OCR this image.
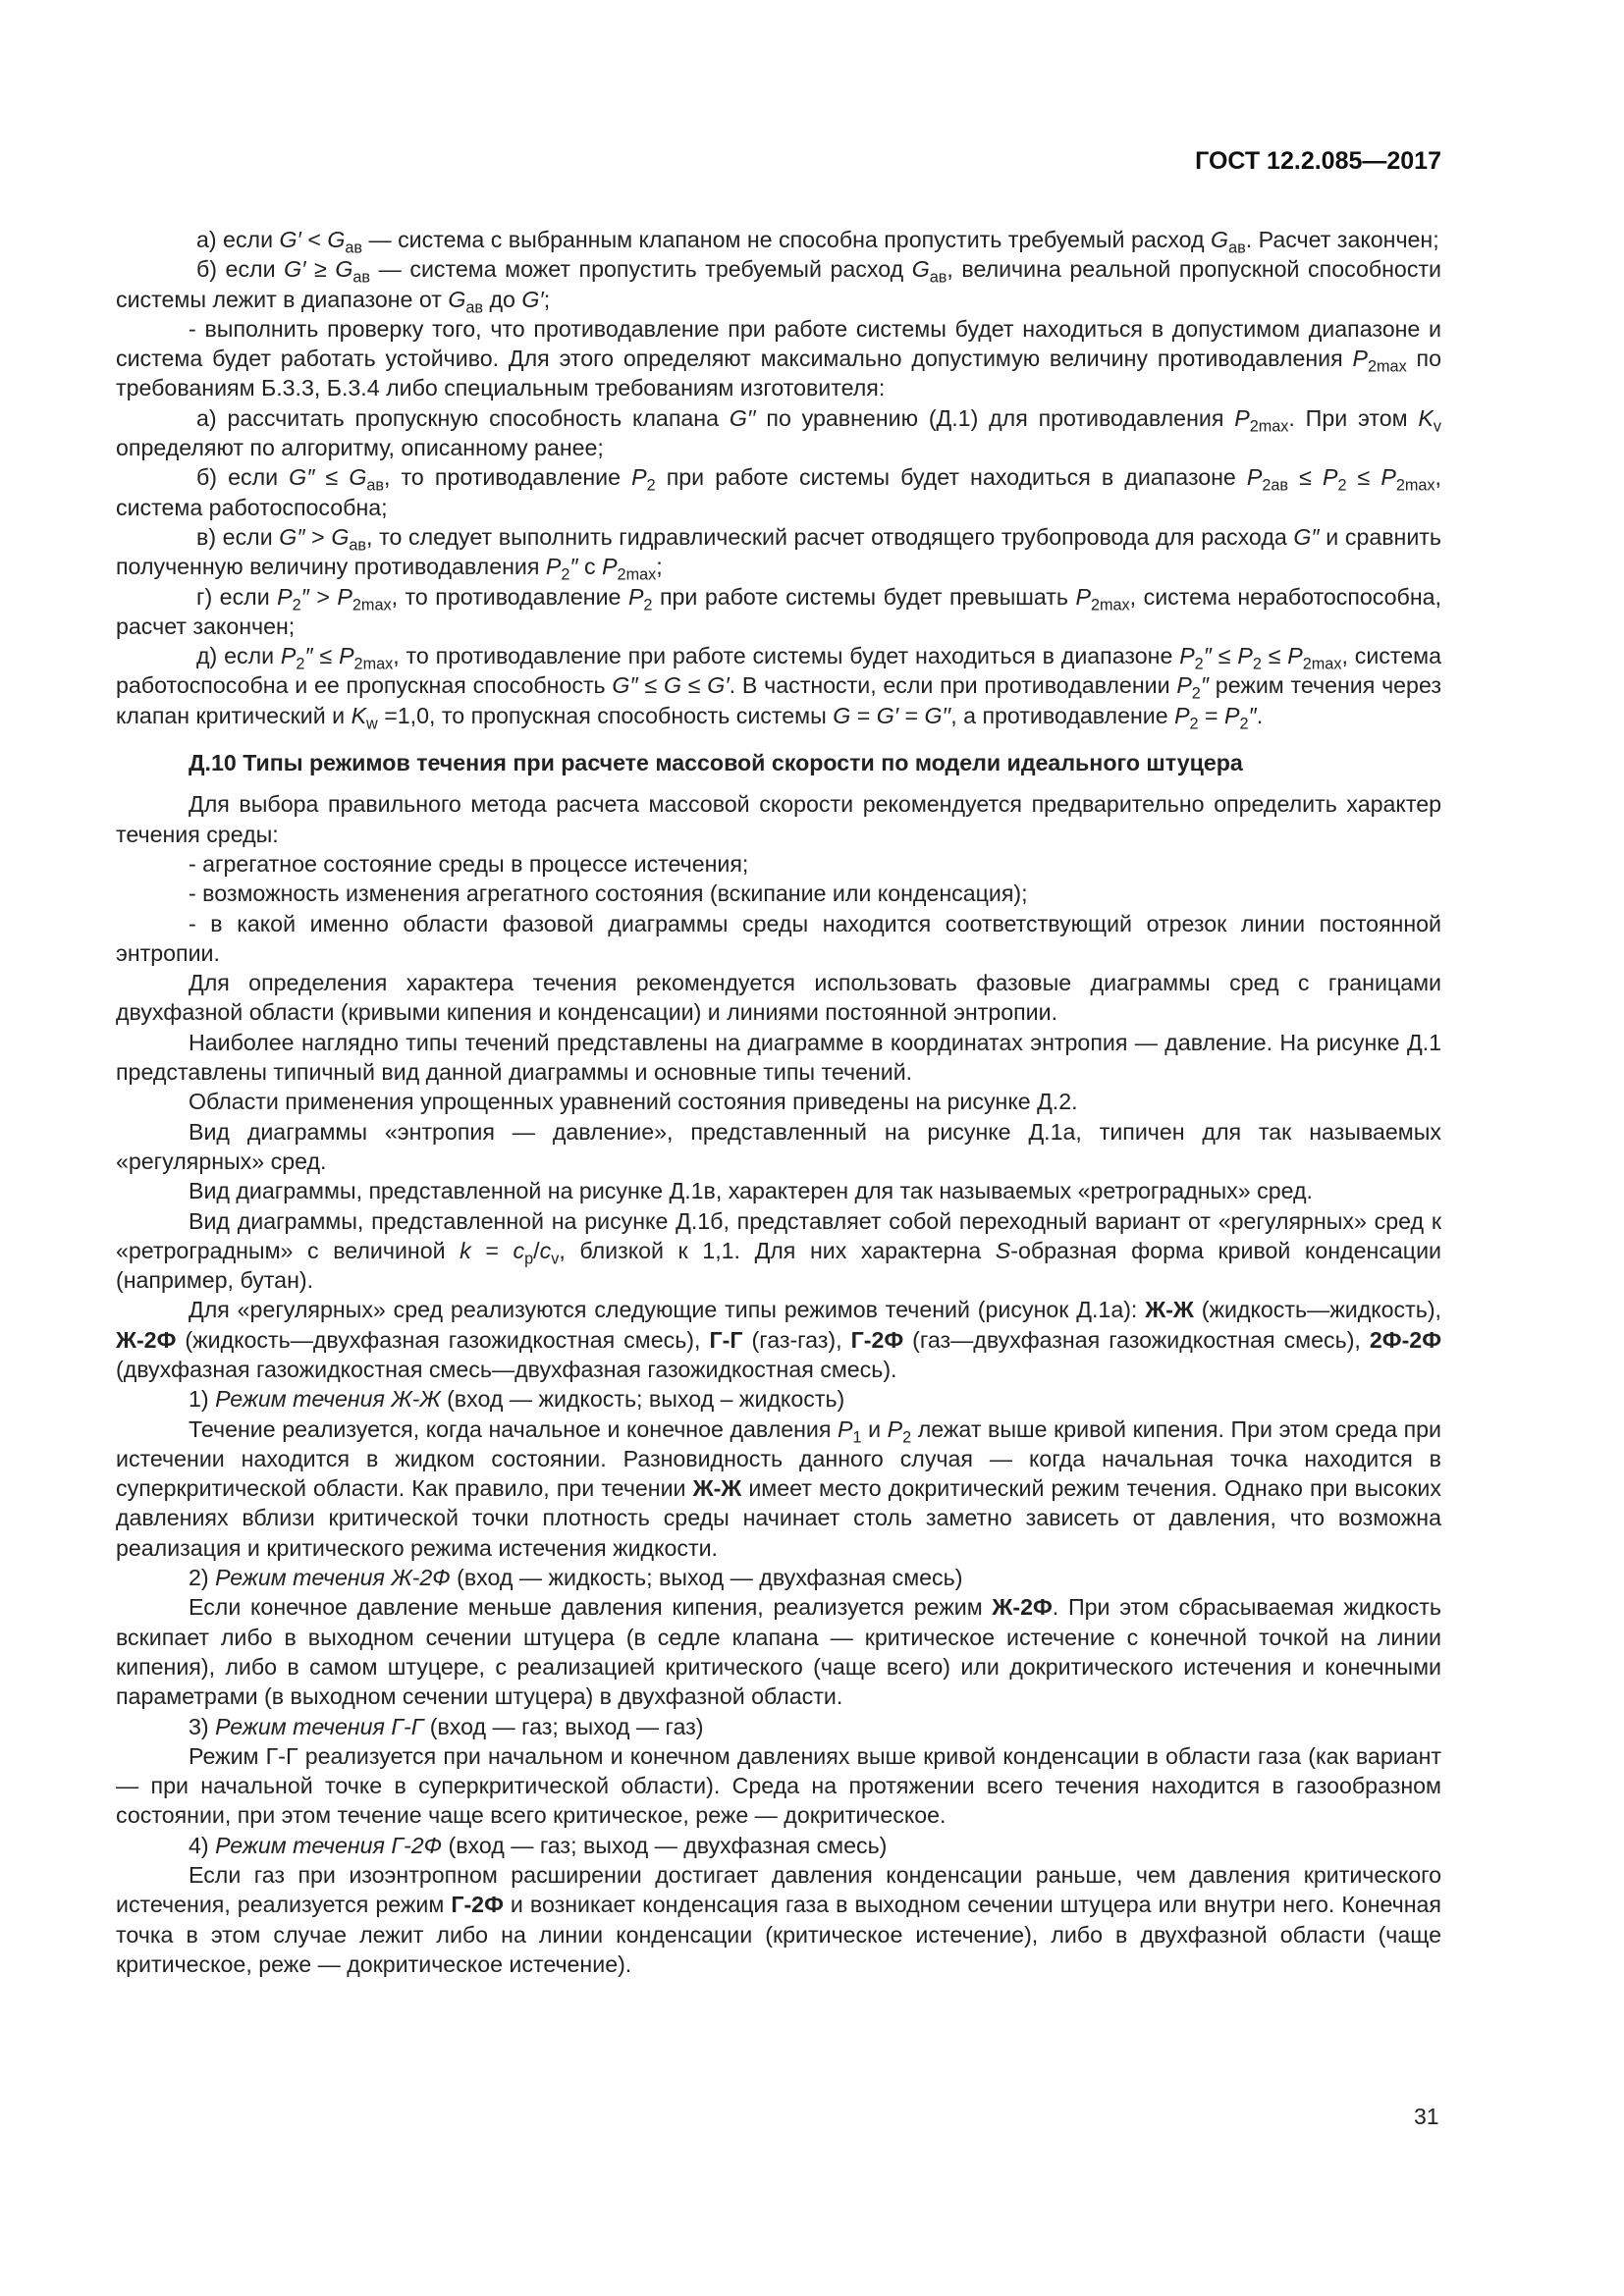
ГОСТ 12.2.085—2017

а) если $G' < G_{ав}$ — система с выбранным клапаном не способна пропустить требуемый расход $G_{ав}$. Расчет закончен;

б) если $G' \ge G_{ав}$ — система может пропустить требуемый расход $G_{ав}$, величина реальной пропускной способности системы лежит в диапазоне от $G_{ав}$ до G′;

- выполнить проверку того, что противодавление при работе системы будет находиться в допустимом диапазоне и система будет работать устойчиво. Для этого определяют максимально допустимую величину противодавления $P_{2max}$ по требованиям Б.3.3, Б.3.4 либо специальным требованиям изготовителя:

а) рассчитать пропускную способность клапана G′′ по уравнению (Д.1) для противодавления $P_{2max}$. При этом $K_v$ определяют по алгоритму, описанному ранее;

б) если $G'' \le G_{ав}$, то противодавление $P_2$ при работе системы будет находиться в диапазоне $P_{2ав} \le P_2 \le P_{2max}$, система работоспособна;

в) если $G'' > G_{ав}$, то следует выполнить гидравлический расчет отводящего трубопровода для расхода G″ и сравнить полученную величину противодавления $P_2''$ с $P_{2max}$;

г) если $P_2'' > P_{2max}$, то противодавление $P_2$ при работе системы будет превышать $P_{2max}$, система неработоспособна, расчет закончен;

д) если $P_2'' \le P_{2max}$, то противодавление при работе системы будет находиться в диапазоне $P_2'' \le P_2 \le P_{2max}$, система работоспособна и ее пропускная способность G″ ≤ G ≤ G′. В частности, если при противодавлении $P_2''$ режим течения через клапан критический и $K_w =1,0$, то пропускная способность системы G = G′ = G′′, а противодавление $P_2 = P_2''$.

Д.10 Типы режимов течения при расчете массовой скорости по модели идеального штуцера

Для выбора правильного метода расчета массовой скорости рекомендуется предварительно определить характер течения среды:

- агрегатное состояние среды в процессе истечения;

- возможность изменения агрегатного состояния (вскипание или конденсация);

- в какой именно области фазовой диаграммы среды находится соответствующий отрезок линии постоянной энтропии.

Для определения характера течения рекомендуется использовать фазовые диаграммы сред с границами двухфазной области (кривыми кипения и конденсации) и линиями постоянной энтропии.

Наиболее наглядно типы течений представлены на диаграмме в координатах энтропия — давление. На рисунке Д.1 представлены типичный вид данной диаграммы и основные типы течений.

Области применения упрощенных уравнений состояния приведены на рисунке Д.2.

Вид диаграммы «энтропия — давление», представленный на рисунке Д.1а, типичен для так называемых «регулярных» сред.

Вид диаграммы, представленной на рисунке Д.1в, характерен для так называемых «ретроградных» сред.

Вид диаграммы, представленной на рисунке Д.1б, представляет собой переходный вариант от «регулярных» сред к «ретроградным» с величиной $k = c_p/c_v$, близкой к 1,1. Для них характерна S-образная форма кривой конденсации (например, бутан).

Для «регулярных» сред реализуются следующие типы режимов течений (рисунок Д.1а): Ж-Ж (жидкость—жидкость), Ж-2Ф (жидкость—двухфазная газожидкостная смесь), Г-Г (газ-газ), Г-2Ф (газ—двухфазная газожидкостная смесь), 2Ф-2Ф (двухфазная газожидкостная смесь—двухфазная газожидкостная смесь).

1) Режим течения Ж-Ж (вход — жидкость; выход – жидкость)

Течение реализуется, когда начальное и конечное давления $P_1$ и $P_2$ лежат выше кривой кипения. При этом среда при истечении находится в жидком состоянии. Разновидность данного случая — когда начальная точка находится в суперкритической области. Как правило, при течении Ж-Ж имеет место докритический режим течения. Однако при высоких давлениях вблизи критической точки плотность среды начинает столь заметно зависеть от давления, что возможна реализация и критического режима истечения жидкости.

2) Режим течения Ж-2Ф (вход — жидкость; выход — двухфазная смесь)

Если конечное давление меньше давления кипения, реализуется режим Ж-2Ф. При этом сбрасываемая жидкость вскипает либо в выходном сечении штуцера (в седле клапана — критическое истечение с конечной точкой на линии кипения), либо в самом штуцере, с реализацией критического (чаще всего) или докритического истечения и конечными параметрами (в выходном сечении штуцера) в двухфазной области.

3) Режим течения Г-Г (вход — газ; выход — газ)

Режим Г-Г реализуется при начальном и конечном давлениях выше кривой конденсации в области газа (как вариант — при начальной точке в суперкритической области). Среда на протяжении всего течения находится в газообразном состоянии, при этом течение чаще всего критическое, реже — докритическое.

4) Режим течения Г-2Ф (вход — газ; выход — двухфазная смесь)

Если газ при изоэнтропном расширении достигает давления конденсации раньше, чем давления критического истечения, реализуется режим Г-2Ф и возникает конденсация газа в выходном сечении штуцера или внутри него. Конечная точка в этом случае лежит либо на линии конденсации (критическое истечение), либо в двухфазной области (чаще критическое, реже — докритическое истечение).

31
